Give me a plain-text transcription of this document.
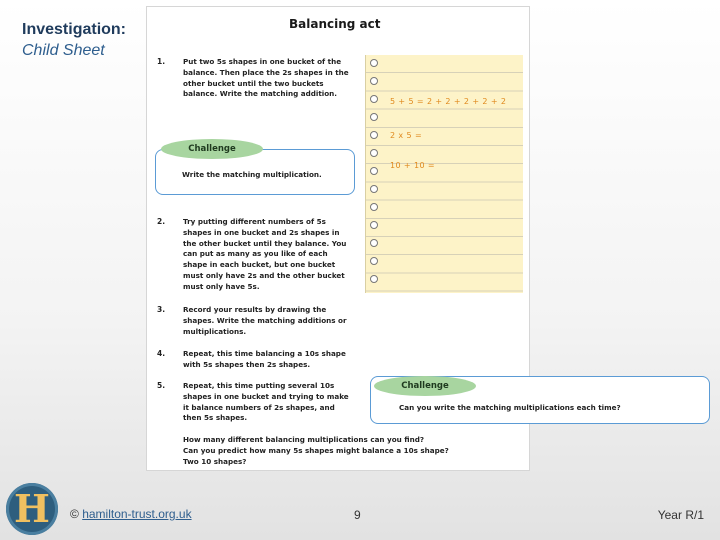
Investigation:
Child Sheet
Balancing act
1. Put two 5s shapes in one bucket of the balance. Then place the 2s shapes in the other bucket until the two buckets balance. Write the matching addition.
Write the matching multiplication.
Challenge
2. Try putting different numbers of 5s shapes in one bucket and 2s shapes in the other bucket until they balance. You can put as many as you like of each shape in each bucket, but one bucket must only have 2s and the other bucket must only have 5s.
3. Record your results by drawing the shapes. Write the matching additions or multiplications.
4. Repeat, this time balancing a 10s shape with 5s shapes then 2s shapes.
5. Repeat, this time putting several 10s shapes in one bucket and trying to make it balance numbers of 2s shapes, and then 5s shapes.
How many different balancing multiplications can you find?
Can you predict how many 5s shapes might balance a 10s shape?
Two 10 shapes?
5 + 5 = 2 + 2 + 2 + 2 + 2
2 x 5 =
10 + 10 =
Can you write the matching multiplications each time?
Challenge
H © hamilton-trust.org.uk	9	Year R/1
